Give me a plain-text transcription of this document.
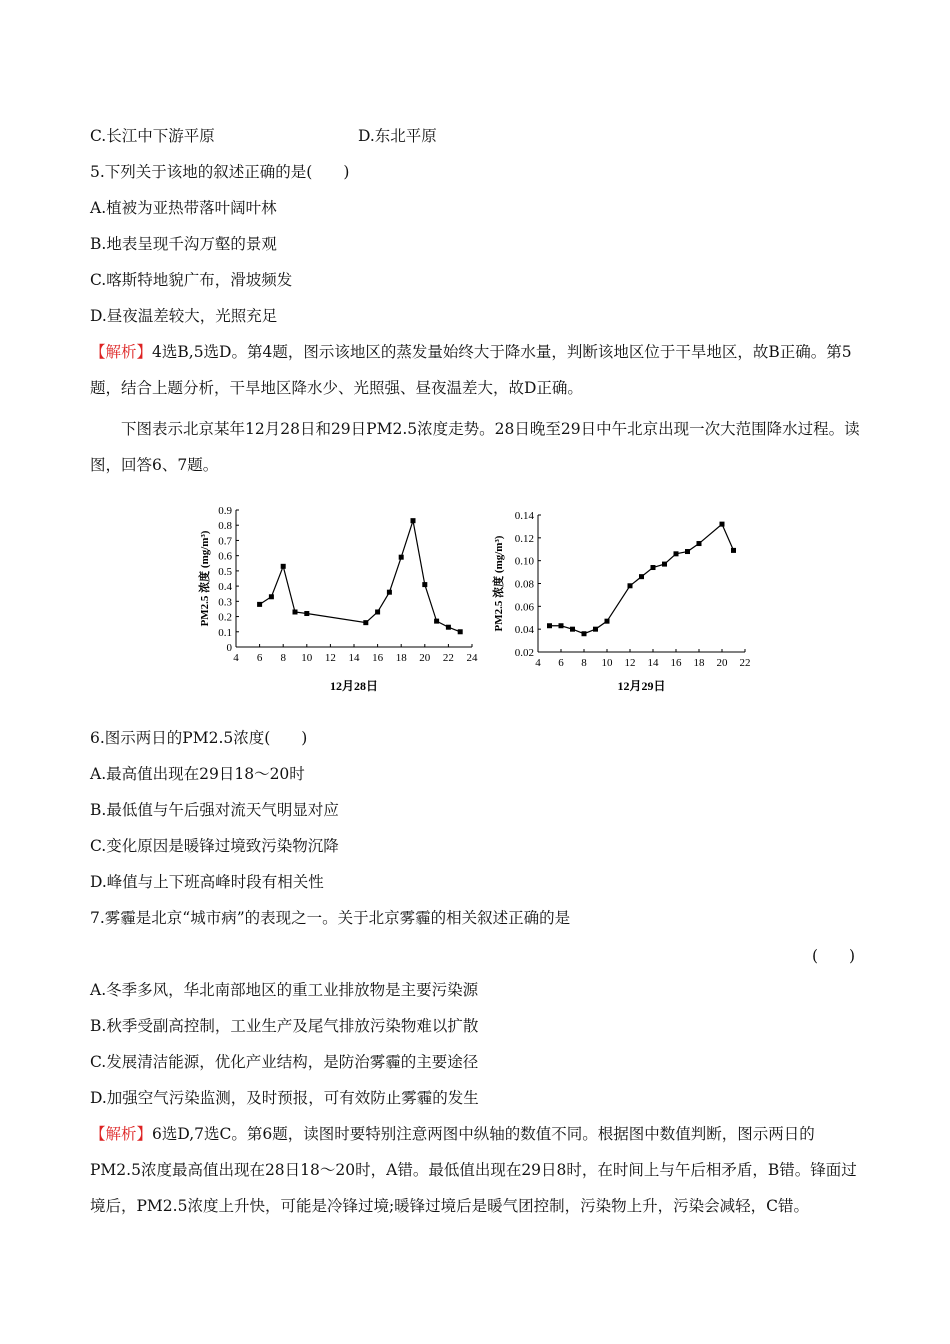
C.长江中下游平原	D.东北平原
5.下列关于该地的叙述正确的是(　　)
A.植被为亚热带落叶阔叶林
B.地表呈现千沟万壑的景观
C.喀斯特地貌广布，滑坡频发
D.昼夜温差较大，光照充足
【解析】4选B,5选D。第4题，图示该地区的蒸发量始终大于降水量，判断该地区位于干旱地区，故B正确。第5题，结合上题分析，干旱地区降水少、光照强、昼夜温差大，故D正确。
下图表示北京某年12月28日和29日PM2.5浓度走势。28日晚至29日中午北京出现一次大范围降水过程。读图，回答6、7题。
4 6 8 10 12 14 16 18 20 22 24
0
0.1
0.2
0.3
0.4
0.5
0.6
0.7
0.8
0.9
PM2.5 浓度 (mg/m³)
12月28日
4 6 8 10 12 14 16 18 20 22
0.02
0.04
0.06
0.08
0.10
0.12
0.14
PM2.5 浓度 (mg/m³)
12月29日
6.图示两日的PM2.5浓度(　　)
A.最高值出现在29日18～20时
B.最低值与午后强对流天气明显对应
C.变化原因是暖锋过境致污染物沉降
D.峰值与上下班高峰时段有相关性
7.雾霾是北京“城市病”的表现之一。关于北京雾霾的相关叙述正确的是
(　　)
A.冬季多风，华北南部地区的重工业排放物是主要污染源
B.秋季受副高控制，工业生产及尾气排放污染物难以扩散
C.发展清洁能源，优化产业结构，是防治雾霾的主要途径
D.加强空气污染监测，及时预报，可有效防止雾霾的发生
【解析】6选D,7选C。第6题，读图时要特别注意两图中纵轴的数值不同。根据图中数值判断，图示两日的PM2.5浓度最高值出现在28日18～20时，A错。最低值出现在29日8时，在时间上与午后相矛盾，B错。锋面过境后，PM2.5浓度上升快，可能是冷锋过境;暖锋过境后是暖气团控制，污染物上升，污染会减轻，C错。
